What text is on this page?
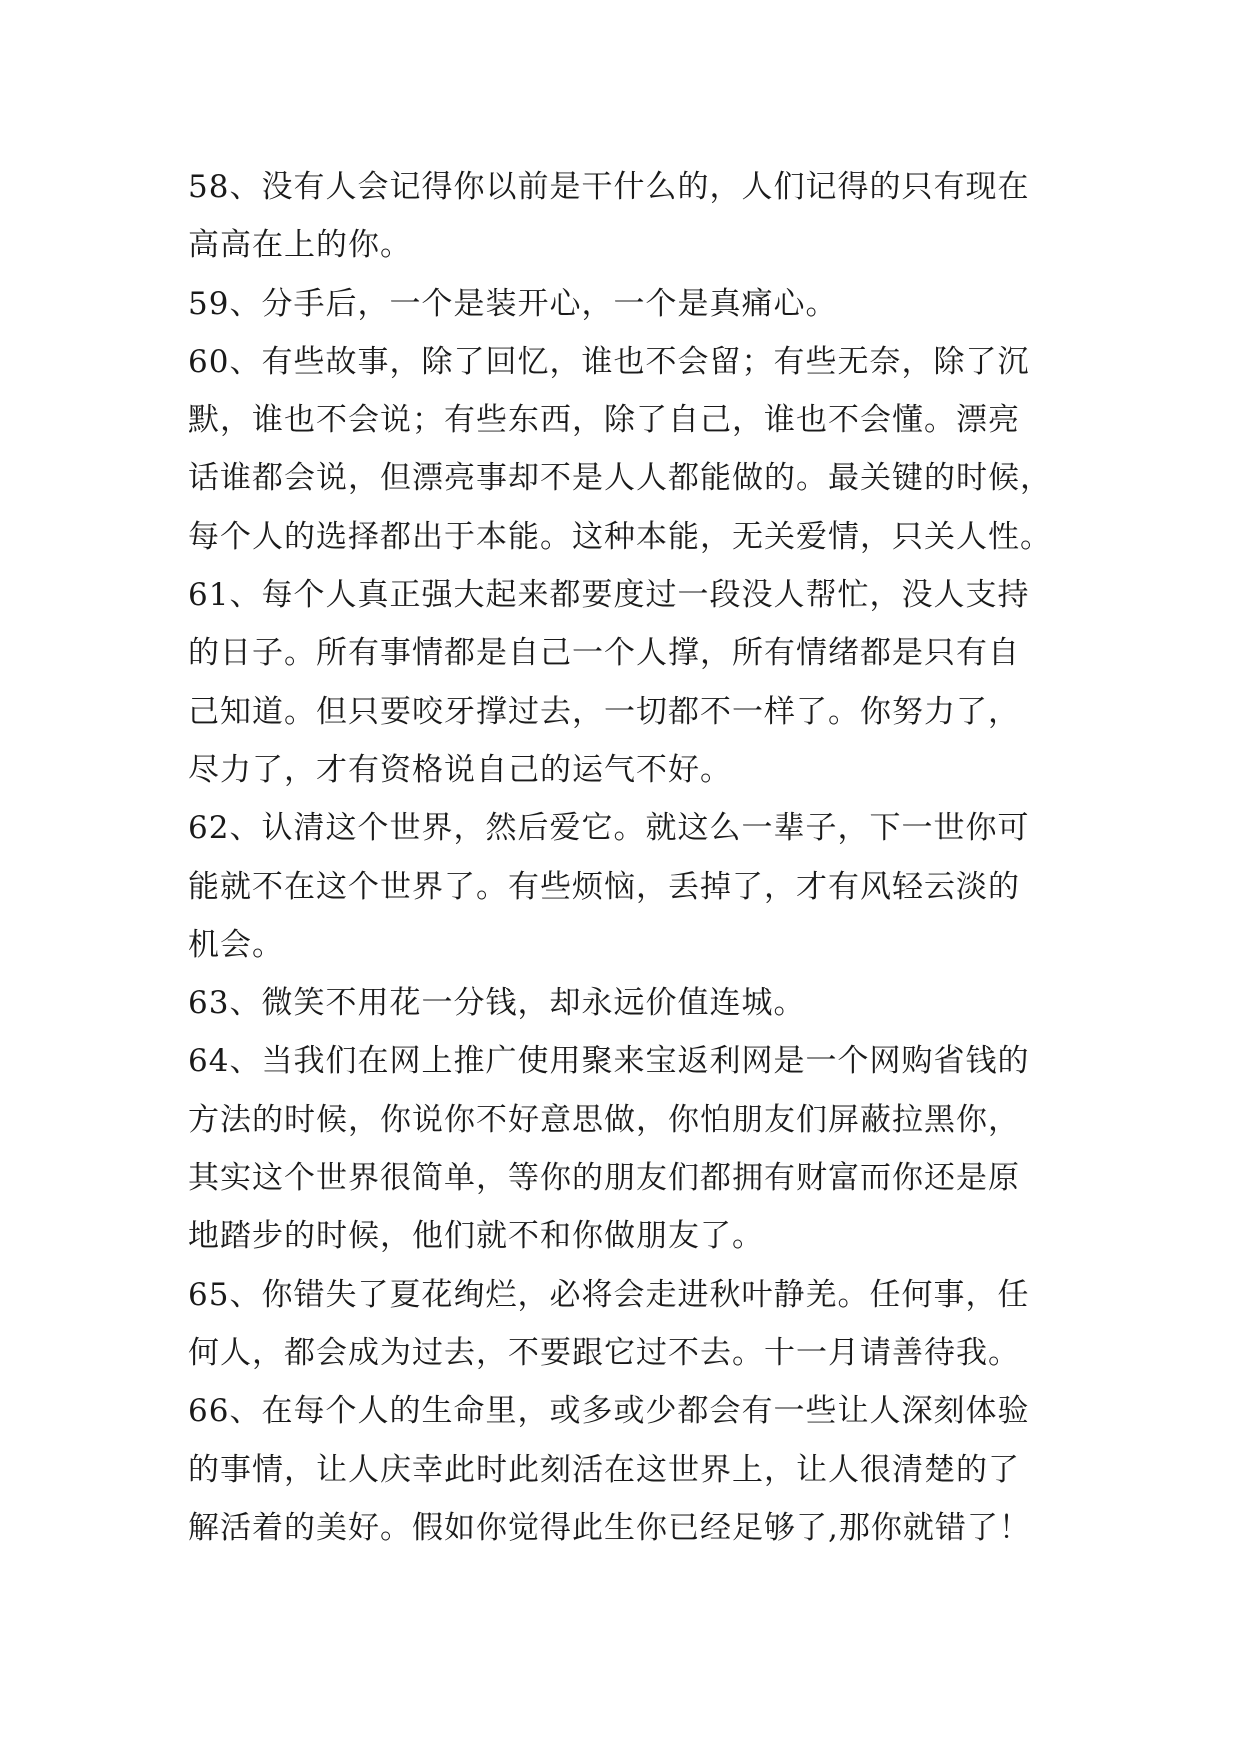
58、没有人会记得你以前是干什么的，人们记得的只有现在
高高在上的你。
59、分手后，一个是装开心，一个是真痛心。
60、有些故事，除了回忆，谁也不会留；有些无奈，除了沉
默，谁也不会说；有些东西，除了自己，谁也不会懂。漂亮
话谁都会说，但漂亮事却不是人人都能做的。最关键的时候，
每个人的选择都出于本能。这种本能，无关爱情，只关人性。
61、每个人真正强大起来都要度过一段没人帮忙，没人支持
的日子。所有事情都是自己一个人撑，所有情绪都是只有自
己知道。但只要咬牙撑过去，一切都不一样了。你努力了，
尽力了，才有资格说自己的运气不好。
62、认清这个世界，然后爱它。就这么一辈子，下一世你可
能就不在这个世界了。有些烦恼，丢掉了，才有风轻云淡的
机会。
63、微笑不用花一分钱，却永远价值连城。
64、当我们在网上推广使用聚来宝返利网是一个网购省钱的
方法的时候，你说你不好意思做，你怕朋友们屏蔽拉黑你，
其实这个世界很简单，等你的朋友们都拥有财富而你还是原
地踏步的时候，他们就不和你做朋友了。
65、你错失了夏花绚烂，必将会走进秋叶静羌。任何事，任
何人，都会成为过去，不要跟它过不去。十一月请善待我。
66、在每个人的生命里，或多或少都会有一些让人深刻体验
的事情，让人庆幸此时此刻活在这世界上，让人很清楚的了
解活着的美好。假如你觉得此生你已经足够了,那你就错了！
